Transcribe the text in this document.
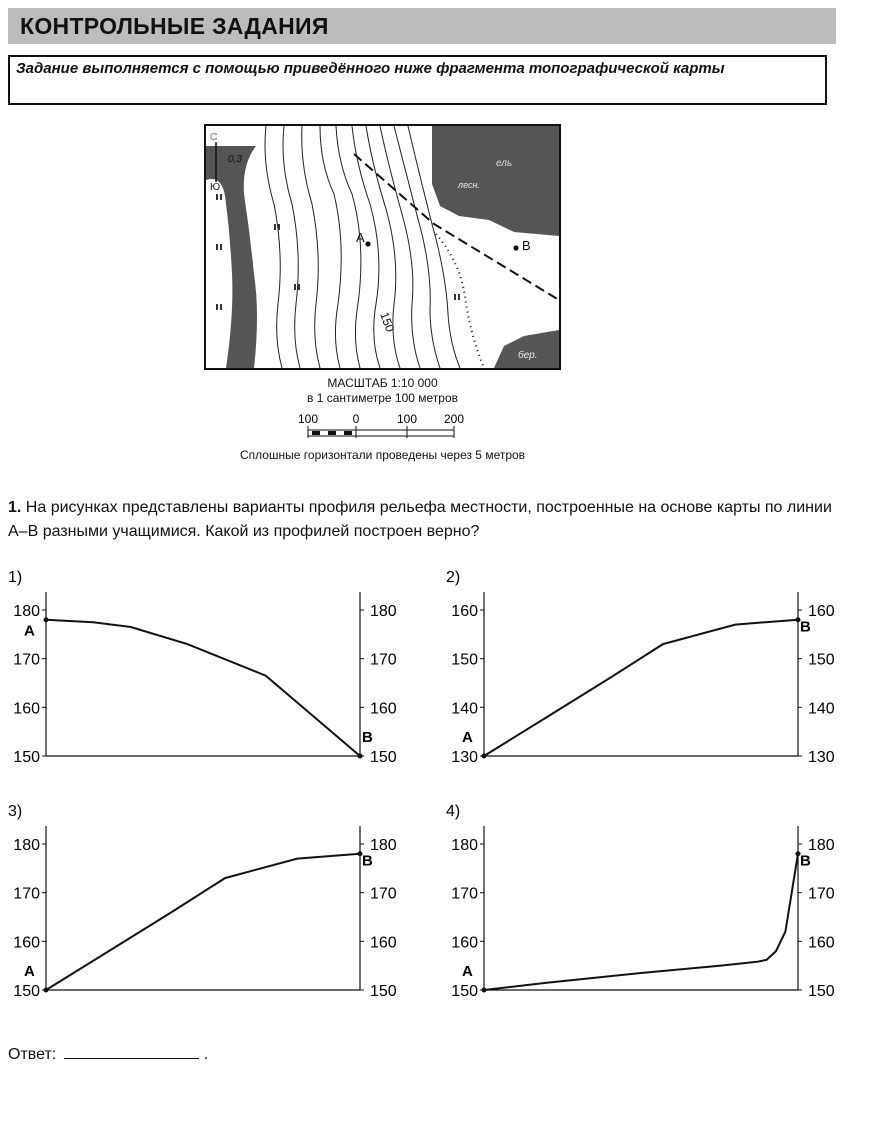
КОНТРОЛЬНЫЕ ЗАДАНИЯ
Задание выполняется с помощью приведённого ниже фрагмента топографической карты
С
Ю
0,3	ель
лесн.
бер.
А
В
150
МАСШТАБ 1:10 000
в 1 сантиметре 100 метров
100	0	100 200
Сплошные горизонтали проведены через 5 метров
1. На рисунках представлены варианты профиля рельефа местности, построенные на основе карты по линии А–В разными учащимися. Какой из профилей построен верно?
1)
150	150
160	160
170	170
180	180
А
В
2)
130	130
140	140
150	150
160	160
А
В
3)
150	150
160	160
170	170
180	180
А
В
4)
150	150
160	160
170	170
180	180
А
В
Ответ:	.
